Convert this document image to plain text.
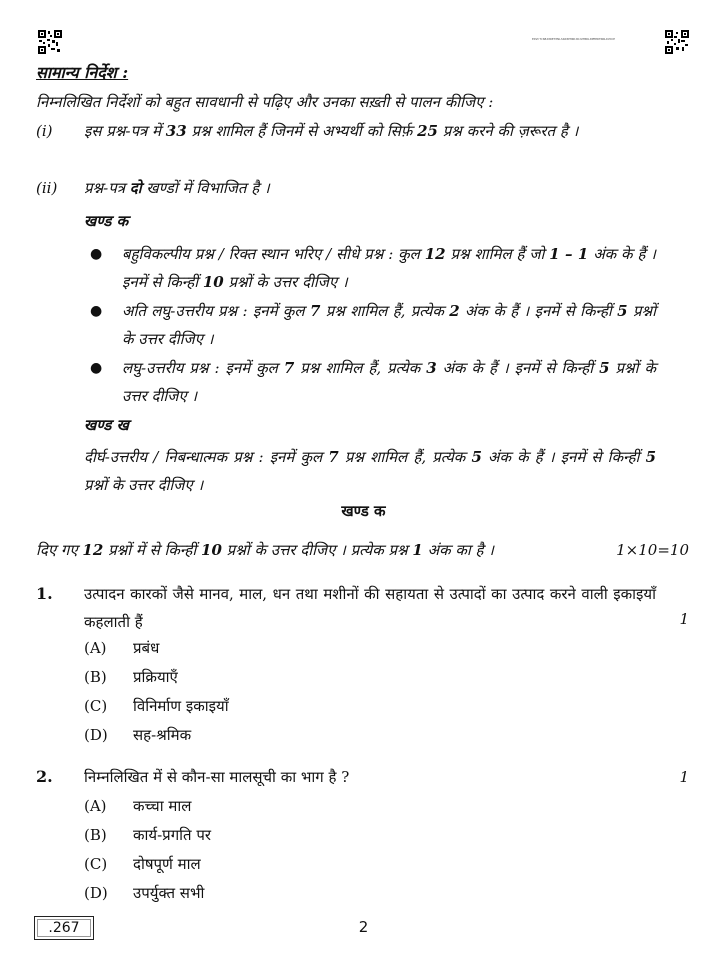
EDVCTCN8J0RETPNLSNJ8PHROJRJUTBRL0PMHRTRNLDVOCE
सामान्य निर्देश :
निम्नलिखित निर्देशों को बहुत सावधानी से पढ़िए और उनका सख़्ती से पालन कीजिए :
(i) इस प्रश्न-पत्र में 33 प्रश्न शामिल हैं जिनमें से अभ्यर्थी को सिर्फ़ 25 प्रश्न करने की ज़रूरत है ।
(ii) प्रश्न-पत्र दो खण्डों में विभाजित है ।
खण्ड क
● बहुविकल्पीय प्रश्न / रिक्त स्थान भरिए / सीधे प्रश्न : कुल 12 प्रश्न शामिल हैं जो 1 – 1 अंक के हैं । इनमें से किन्हीं 10 प्रश्नों के उत्तर दीजिए ।
● अति लघु-उत्तरीय प्रश्न : इनमें कुल 7 प्रश्न शामिल हैं, प्रत्येक 2 अंक के हैं । इनमें से किन्हीं 5 प्रश्नों के उत्तर दीजिए ।
● लघु-उत्तरीय प्रश्न : इनमें कुल 7 प्रश्न शामिल हैं, प्रत्येक 3 अंक के हैं । इनमें से किन्हीं 5 प्रश्नों के उत्तर दीजिए ।
खण्ड ख
दीर्घ-उत्तरीय / निबन्धात्मक प्रश्न : इनमें कुल 7 प्रश्न शामिल हैं, प्रत्येक 5 अंक के हैं । इनमें से किन्हीं 5 प्रश्नों के उत्तर दीजिए ।
खण्ड क
दिए गए 12 प्रश्नों में से किन्हीं 10 प्रश्नों के उत्तर दीजिए । प्रत्येक प्रश्न 1 अंक का है ।	1×10=10
1. उत्पादन कारकों जैसे मानव, माल, धन तथा मशीनों की सहायता से उत्पादों का उत्पाद करने वाली इकाइयाँ कहलाती हैं	1
(A) प्रबंध
(B) प्रक्रियाएँ
(C) विनिर्माण इकाइयाँ
(D) सह-श्रमिक
2. निम्नलिखित में से कौन-सा मालसूची का भाग है ?	1
(A) कच्चा माल
(B) कार्य-प्रगति पर
(C) दोषपूर्ण माल
(D) उपर्युक्त सभी
.267	2
